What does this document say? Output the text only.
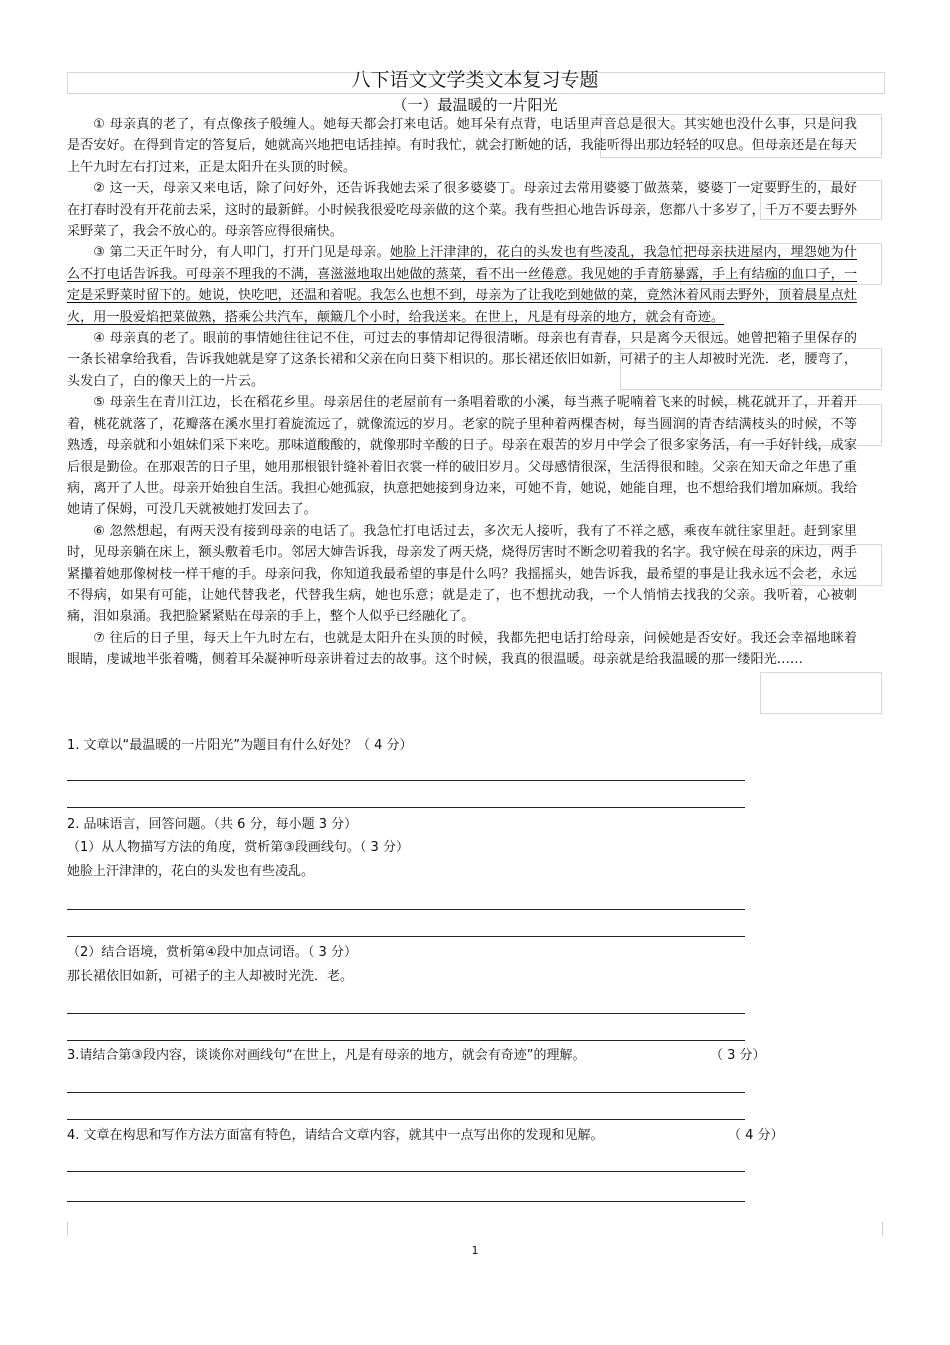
八下语文文学类文本复习专题
（一）最温暖的一片阳光

① 母亲真的老了，有点像孩子般缠人。她每天都会打来电话。她耳朵有点背，电话里声音总是很大。其实她也没什么事，只是问我是否安好。在得到肯定的答复后，她就高兴地把电话挂掉。有时我忙，就会打断她的话，我能听得出那边轻轻的叹息。但母亲还是在每天上午九时左右打过来，正是太阳升在头顶的时候。

② 这一天，母亲又来电话，除了问好外，还告诉我她去采了很多婆婆丁。母亲过去常用婆婆丁做蒸菜，婆婆丁一定要野生的，最好在打春时没有开花前去采，这时的最新鲜。小时候我很爱吃母亲做的这个菜。我有些担心地告诉母亲，您都八十多岁了，千万不要去野外采野菜了，我会不放心的。母亲答应得很痛快。

③ 第二天正午时分，有人叩门，打开门见是母亲。她脸上汗津津的，花白的头发也有些凌乱，我急忙把母亲扶进屋内，埋怨她为什么不打电话告诉我。可母亲不理我的不满，喜滋滋地取出她做的蒸菜，看不出一丝倦意。我见她的手青筋暴露，手上有结痂的血口子，一定是采野菜时留下的。她说，快吃吧，还温和着呢。我怎么也想不到，母亲为了让我吃到她做的菜，竟然沐着风雨去野外，顶着晨星点灶火，用一股爱焰把菜做熟，搭乘公共汽车，颠簸几个小时，给我送来。在世上，凡是有母亲的地方，就会有奇迹。

④ 母亲真的老了。眼前的事情她往往记不住，可过去的事情却记得很清晰。母亲也有青春，只是离今天很远。她曾把箱子里保存的一条长裙拿给我看，告诉我她就是穿了这条长裙和父亲在向日葵下相识的。那长裙还依旧如新，可裙子的主人却被时光洗．老，腰弯了，头发白了，白的像天上的一片云。

⑤ 母亲生在青川江边，长在稻花乡里。母亲居住的老屋前有一条唱着歌的小溪，每当燕子呢喃着飞来的时候，桃花就开了，开着开着，桃花就落了，花瓣落在溪水里打着旋流远了，就像流远的岁月。老家的院子里种着两棵杏树，每当圆润的青杏结满枝头的时候，不等熟透，母亲就和小姐妹们采下来吃。那味道酸酸的，就像那时辛酸的日子。母亲在艰苦的岁月中学会了很多家务活，有一手好针线，成家后很是勤俭。在那艰苦的日子里，她用那根银针缝补着旧衣裳一样的破旧岁月。父母感情很深，生活得很和睦。父亲在知天命之年患了重病，离开了人世。母亲开始独自生活。我担心她孤寂，执意把她接到身边来，可她不肯，她说，她能自理，也不想给我们增加麻烦。我给她请了保姆，可没几天就被她打发回去了。

⑥ 忽然想起，有两天没有接到母亲的电话了。我急忙打电话过去，多次无人接听，我有了不祥之感，乘夜车就往家里赶。赶到家里时，见母亲躺在床上，额头敷着毛巾。邻居大婶告诉我，母亲发了两天烧，烧得厉害时不断念叨着我的名字。我守候在母亲的床边，两手紧攥着她那像树枝一样干瘪的手。母亲问我，你知道我最希望的事是什么吗？我摇摇头，她告诉我，最希望的事是让我永远不会老，永远不得病，如果有可能，让她代替我老，代替我生病，她也乐意；就是走了，也不想扰动我，一个人悄悄去找我的父亲。我听着，心被刺痛，泪如泉涌。我把脸紧紧贴在母亲的手上，整个人似乎已经融化了。

⑦ 往后的日子里，每天上午九时左右，也就是太阳升在头顶的时候，我都先把电话打给母亲，问候她是否安好。我还会幸福地眯着眼睛，虔诚地半张着嘴，侧着耳朵凝神听母亲讲着过去的故事。这个时候，我真的很温暖。母亲就是给我温暖的那一缕阳光……

1. 文章以“最温暖的一片阳光”为题目有什么好处？（ 4 分）
2. 品味语言，回答问题。（共 6 分，每小题 3 分）
（1）从人物描写方法的角度，赏析第③段画线句。（ 3 分）
她脸上汗津津的，花白的头发也有些凌乱。
（2）结合语境，赏析第④段中加点词语。（ 3 分）
那长裙依旧如新，可裙子的主人却被时光洗．老。
3.请结合第③段内容，谈谈你对画线句“在世上，凡是有母亲的地方，就会有奇迹”的理解。	（ 3 分）
4. 文章在构思和写作方法方面富有特色，请结合文章内容，就其中一点写出你的发现和见解。	（ 4 分）
1
